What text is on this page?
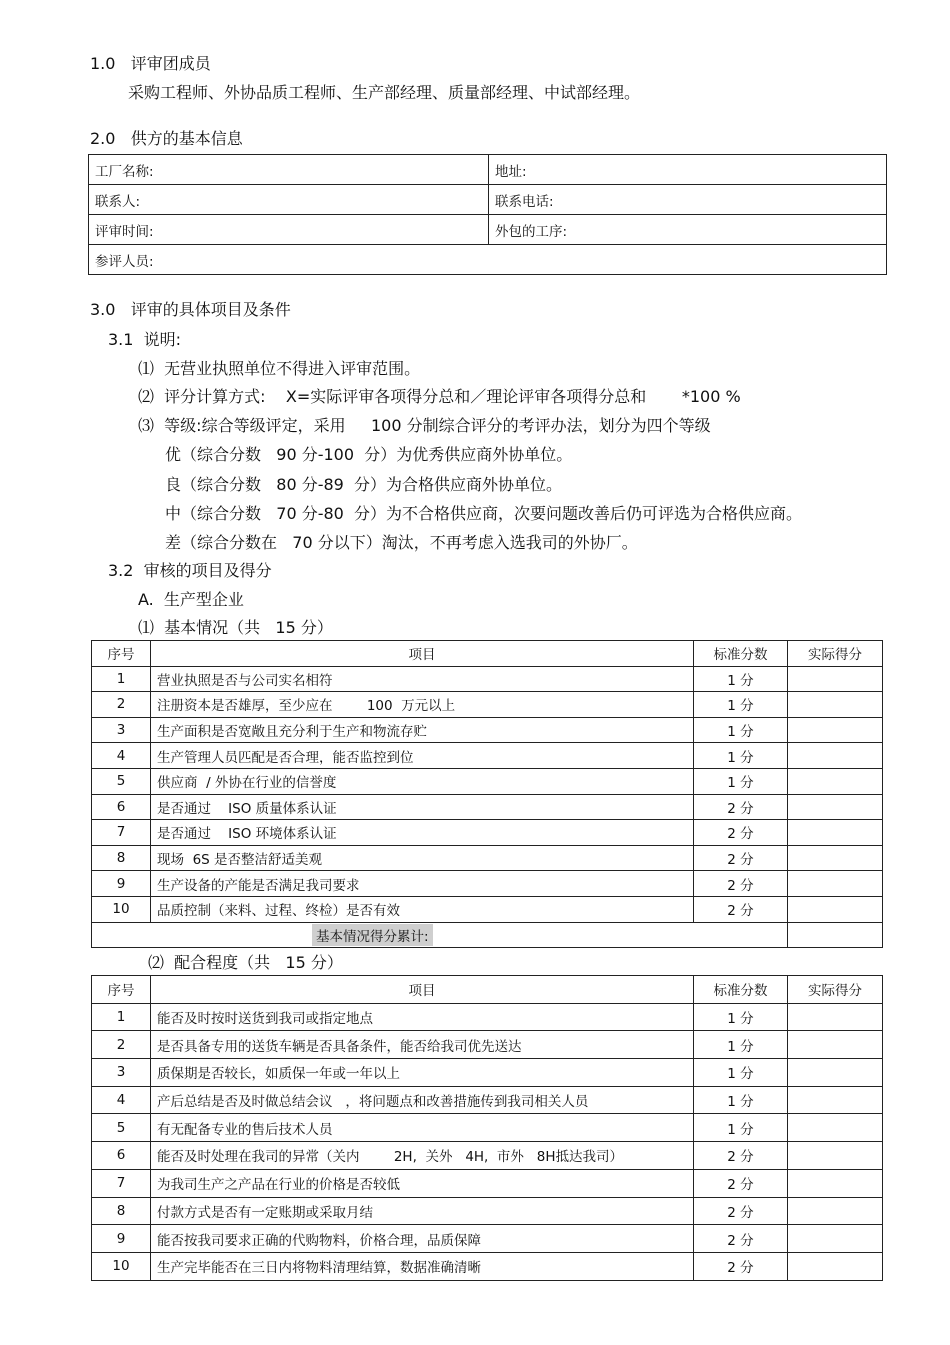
1.0   评审团成员
采购工程师、外协品质工程师、生产部经理、质量部经理、中试部经理。
2.0   供方的基本信息
工厂名称:	地址:
联系人:	联系电话:
评审时间:	外包的工序:
参评人员:	
3.0   评审的具体项目及条件
3.1  说明:
⑴  无营业执照单位不得进入评审范围。
⑵  评分计算方式:    X=实际评审各项得分总和／理论评审各项得分总和       *100 %
⑶  等级:综合等级评定，采用     100 分制综合评分的考评办法，划分为四个等级
优（综合分数   90 分-100  分）为优秀供应商外协单位。
良（综合分数   80 分-89  分）为合格供应商外协单位。
中（综合分数   70 分-80  分）为不合格供应商，次要问题改善后仍可评选为合格供应商。
差（综合分数在   70 分以下）淘汰，不再考虑入选我司的外协厂。
3.2  审核的项目及得分
A.  生产型企业
⑴  基本情况（共   15 分）
序号	项目	标准分数	实际得分
1	营业执照是否与公司实名相符	1 分	
2	注册资本是否雄厚，至少应在        100  万元以上	1 分	
3	生产面积是否宽敞且充分利于生产和物流存贮	1 分	
4	生产管理人员匹配是否合理，能否监控到位	1 分	
5	供应商  / 外协在行业的信誉度	1 分	
6	是否通过    ISO 质量体系认证	2 分	
7	是否通过    ISO 环境体系认证	2 分	
8	现场  6S 是否整洁舒适美观	2 分	
9	生产设备的产能是否满足我司要求	2 分	
10	品质控制（来料、过程、终检）是否有效	2 分	
基本情况得分累计:			
⑵  配合程度（共   15 分）
序号	项目	标准分数	实际得分
1	能否及时按时送货到我司或指定地点	1 分	
2	是否具备专用的送货车辆是否具备条件，能否给我司优先送达	1 分	
3	质保期是否较长，如质保一年或一年以上	1 分	
4	产后总结是否及时做总结会议   ，将问题点和改善措施传到我司相关人员	1 分	
5	有无配备专业的售后技术人员	1 分	
6	能否及时处理在我司的异常（关内        2H,  关外   4H,  市外   8H抵达我司）	2 分	
7	为我司生产之产品在行业的价格是否较低	2 分	
8	付款方式是否有一定账期或采取月结	2 分	
9	能否按我司要求正确的代购物料，价格合理，品质保障	2 分	
10	生产完毕能否在三日内将物料清理结算，数据准确清晰	2 分	
